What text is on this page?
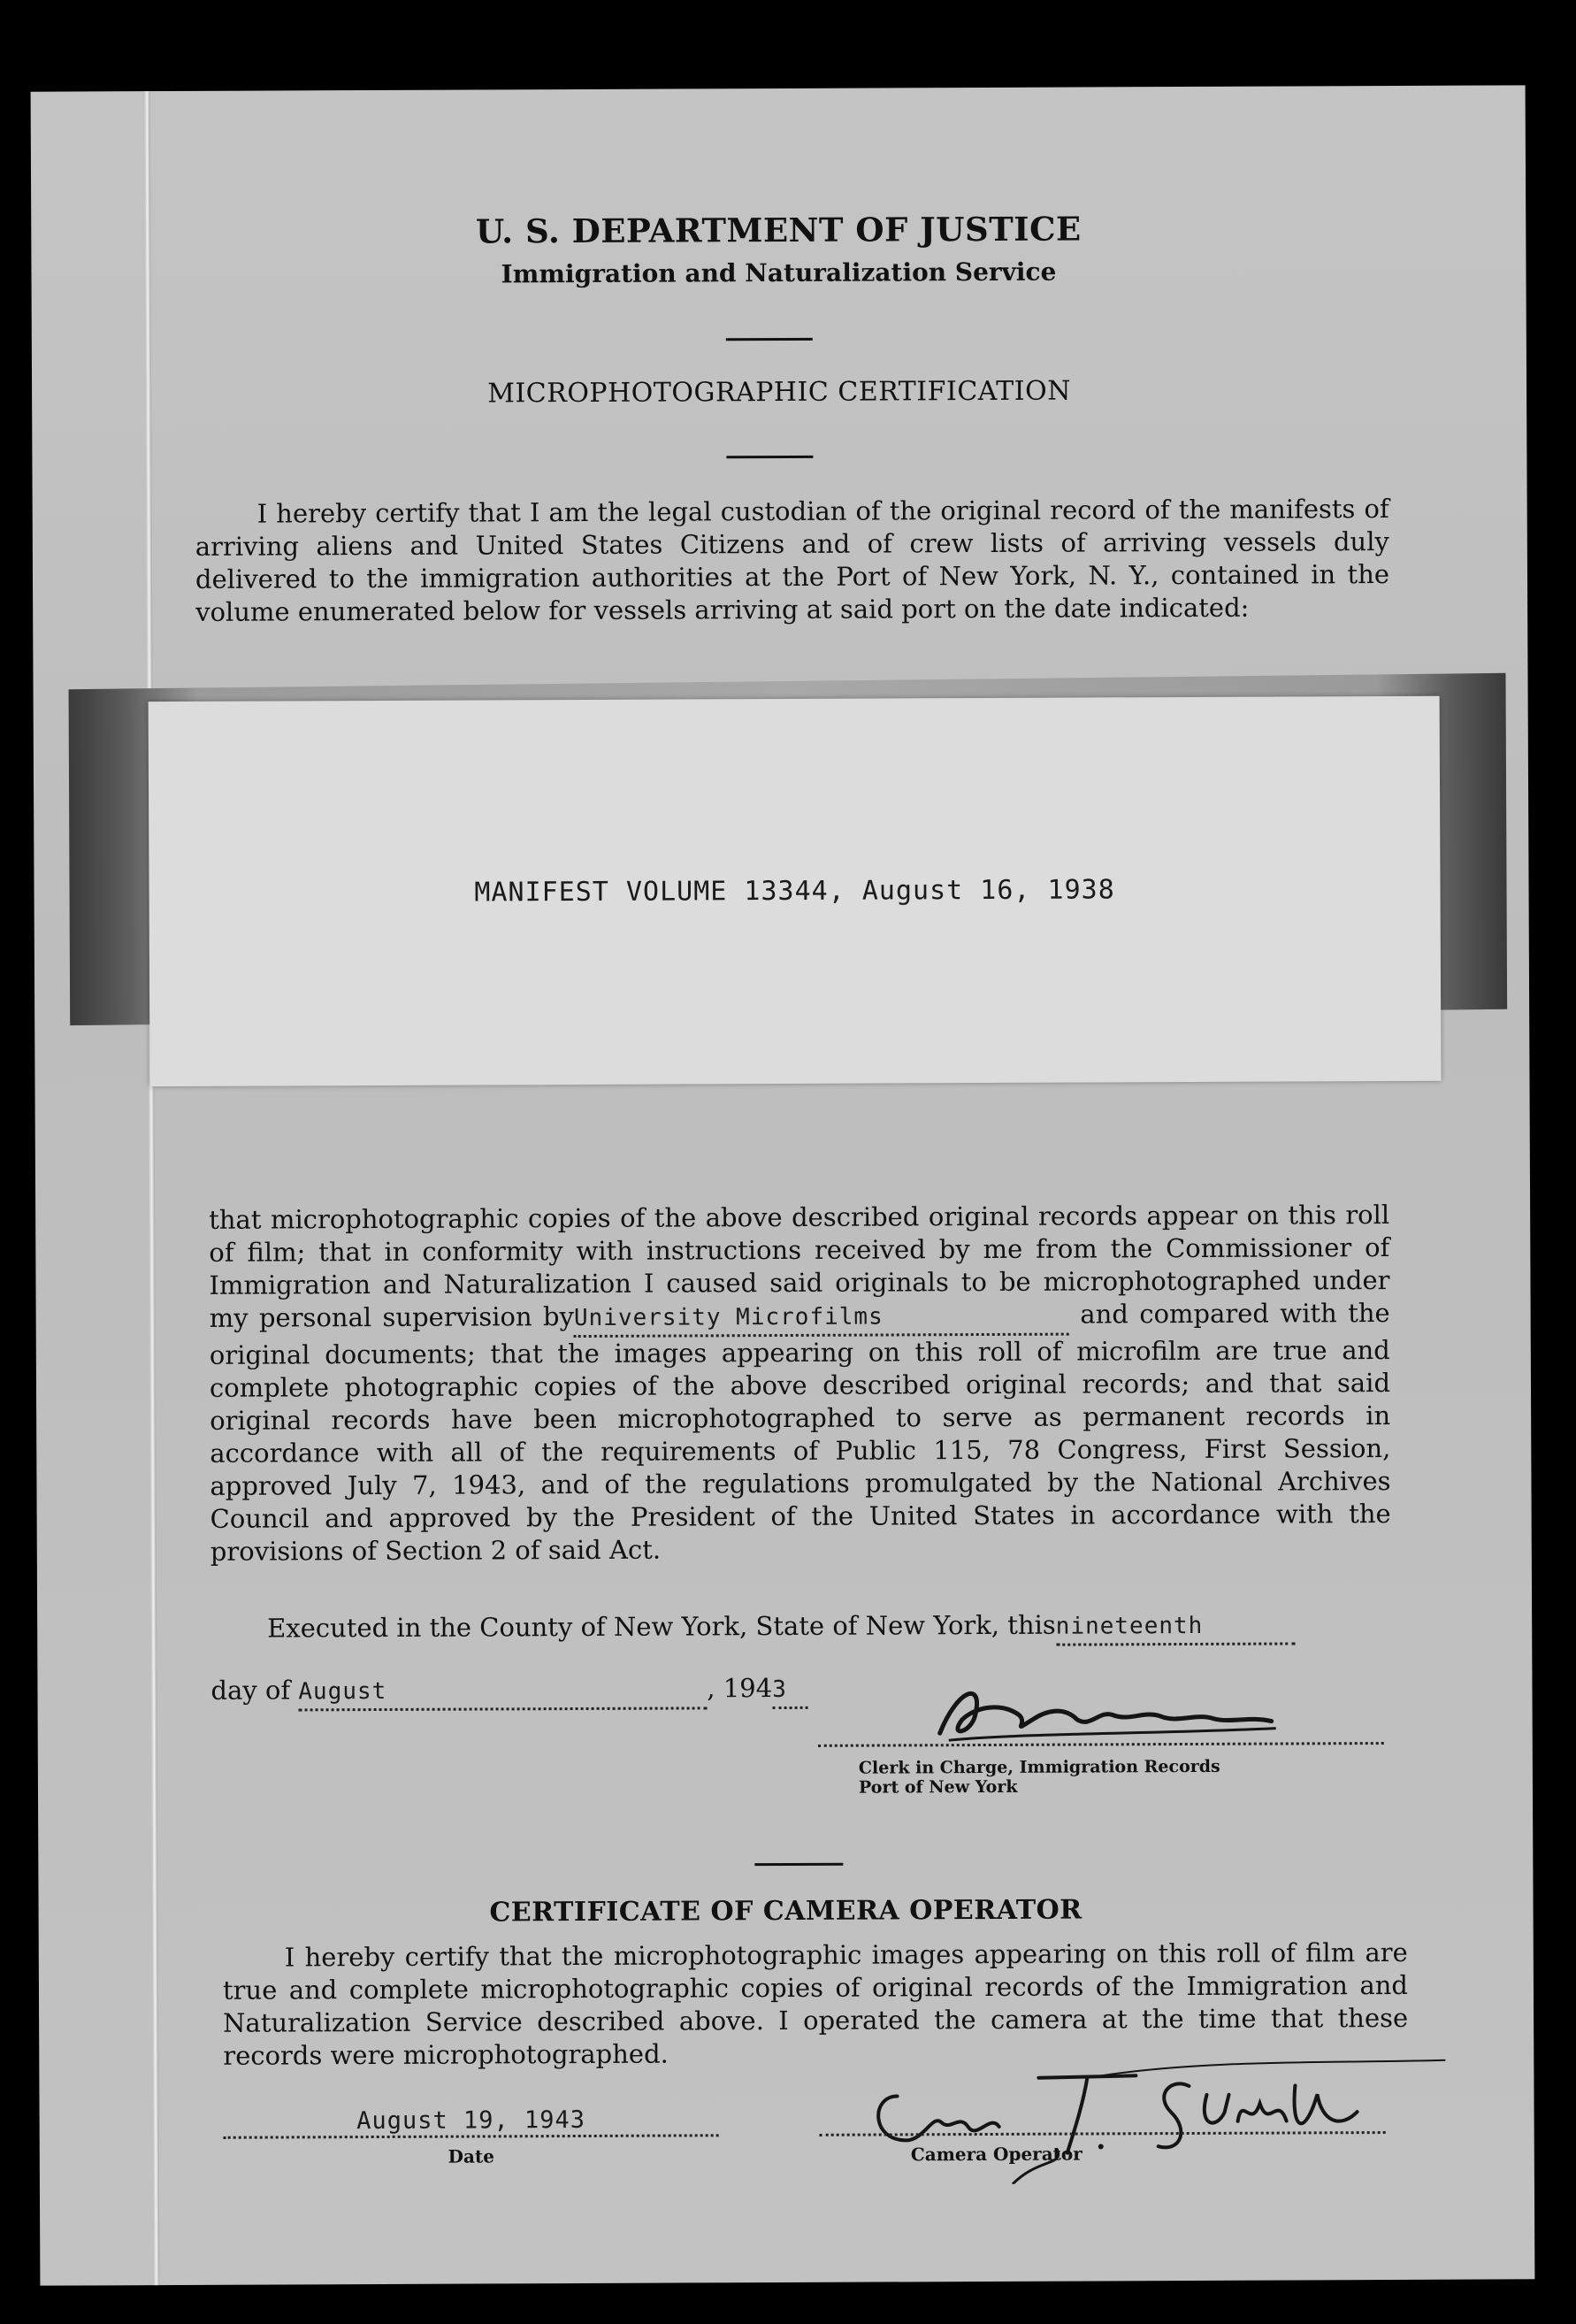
U. S. DEPARTMENT OF JUSTICE
Immigration and Naturalization Service
MICROPHOTOGRAPHIC CERTIFICATION
I hereby certify that I am the legal custodian of the original record of the manifests of arriving aliens and United States Citizens and of crew lists of arriving vessels duly delivered to the immigration authorities at the Port of New York, N. Y., contained in the volume enumerated below for vessels arriving at said port on the date indicated:
MANIFEST VOLUME 13344, August 16, 1938
that microphotographic copies of the above described original records appear on this roll of film; that in conformity with instructions received by me from the Commissioner of Immigration and Naturalization I caused said originals to be microphotographed under my personal supervision byUniversity Microfilms	and compared with the original documents; that the images appearing on this roll of microfilm are true and complete photographic copies of the above described original records; and that said original records have been microphotographed to serve as permanent records in accordance with all of the requirements of Public 115, 78 Congress, First Session, approved July 7, 1943, and of the regulations promulgated by the National Archives Council and approved by the President of the United States in accordance with the provisions of Section 2 of said Act.
Executed in the County of New York, State of New York, thisnineteenth
day of August	, 1943
Clerk in Charge, Immigration Records
Port of New York
CERTIFICATE OF CAMERA OPERATOR
I hereby certify that the microphotographic images appearing on this roll of film are true and complete microphotographic copies of original records of the Immigration and Naturalization Service described above. I operated the camera at the time that these records were microphotographed.
August 19, 1943
Date	Camera Operator
